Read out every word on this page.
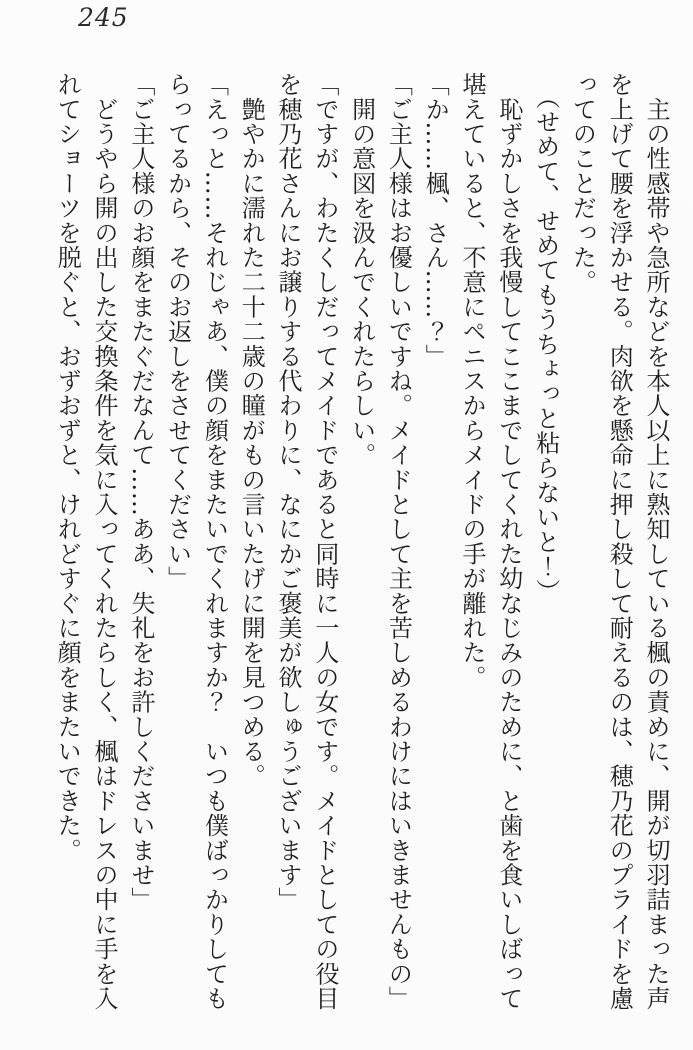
245
　主の性感帯や急所などを本人以上に熟知している楓の責めに、開が切羽詰まった声
を上げて腰を浮かせる。肉欲を懸命に押し殺して耐えるのは、穂乃花のプライドを慮
ってのことだった。
　（せめて、せめてもうちょっと粘らないと！）
　恥ずかしさを我慢してここまでしてくれた幼なじみのために、と歯を食いしばって
堪えていると、不意にペニスからメイドの手が離れた。
「か……楓、さん……？」
「ご主人様はお優しいですね。メイドとして主を苦しめるわけにはいきませんもの」
　開の意図を汲んでくれたらしい。
「ですが、わたくしだってメイドであると同時に一人の女です。メイドとしての役目
を穂乃花さんにお譲りする代わりに、なにかご褒美が欲しゅうございます」
　艶やかに濡れた二十二歳の瞳がもの言いたげに開を見つめる。
「えっと……それじゃあ、僕の顔をまたいでくれますか？　いつも僕ばっかりしても
らってるから、そのお返しをさせてください」
「ご主人様のお顔をまたぐだなんて……ああ、失礼をお許しくださいませ」
　どうやら開の出した交換条件を気に入ってくれたらしく、楓はドレスの中に手を入
れてショーツを脱ぐと、おずおずと、けれどすぐに顔をまたいできた。
